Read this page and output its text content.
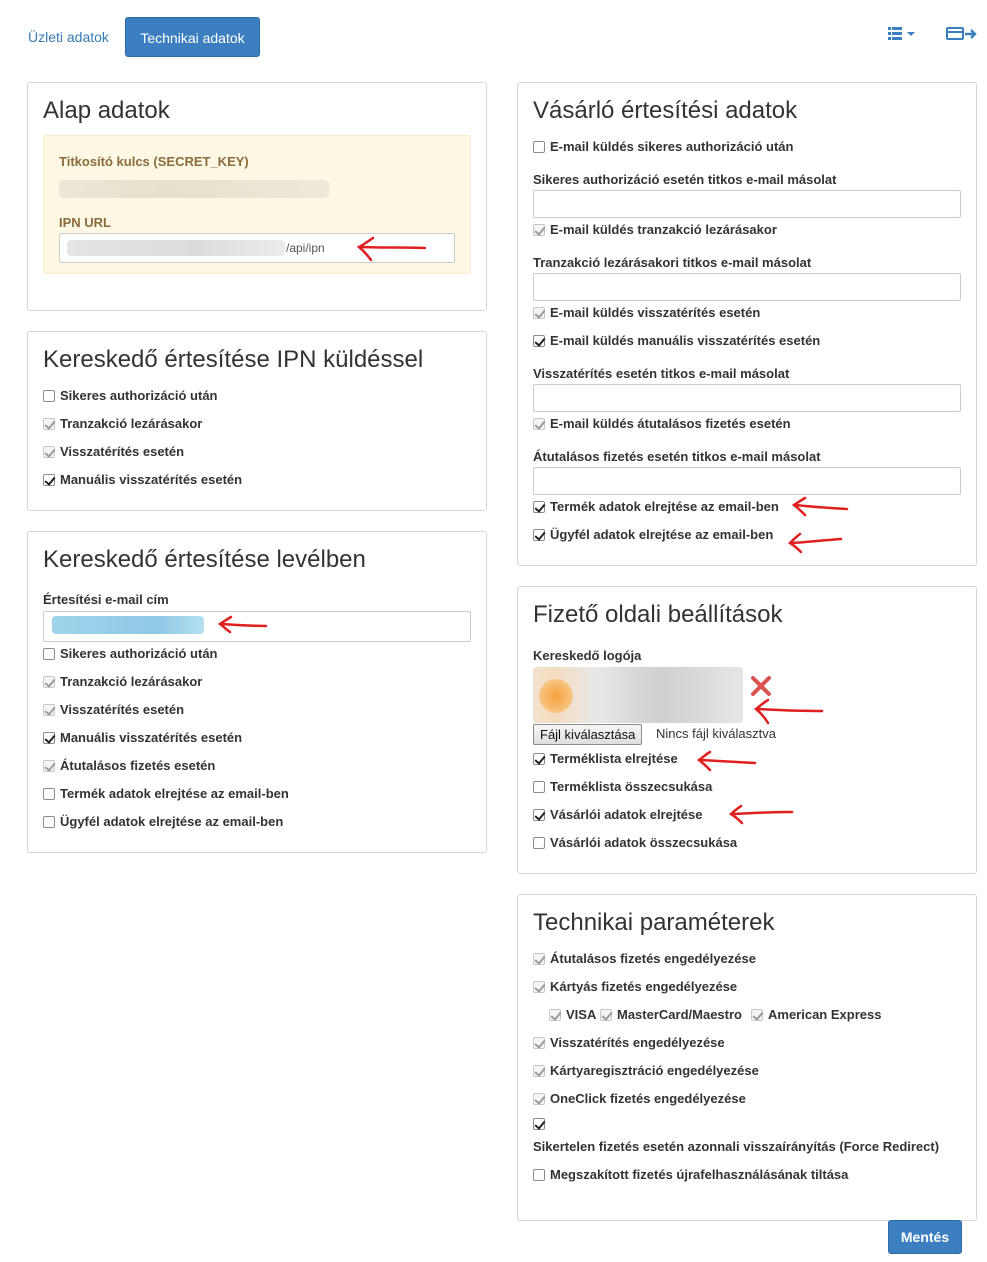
Üzleti adatok	Technikai adatok
Alap adatok
Titkosító kulcs (SECRET_KEY)
IPN URL
/api/ipn
Kereskedő értesítése IPN küldéssel
Sikeres authorizáció után
Tranzakció lezárásakor
Visszatérítés esetén
Manuális visszatérítés esetén
Kereskedő értesítése levélben
Értesítési e-mail cím
Sikeres authorizáció után
Tranzakció lezárásakor
Visszatérítés esetén
Manuális visszatérítés esetén
Átutalásos fizetés esetén
Termék adatok elrejtése az email-ben
Ügyfél adatok elrejtése az email-ben
Vásárló értesítési adatok
E-mail küldés sikeres authorizáció után
Sikeres authorizáció esetén titkos e-mail másolat
E-mail küldés tranzakció lezárásakor
Tranzakció lezárásakori titkos e-mail másolat
E-mail küldés visszatérítés esetén
E-mail küldés manuális visszatérítés esetén
Visszatérítés esetén titkos e-mail másolat
E-mail küldés átutalásos fizetés esetén
Átutalásos fizetés esetén titkos e-mail másolat
Termék adatok elrejtése az email-ben
Ügyfél adatok elrejtése az email-ben
Fizető oldali beállítások
Kereskedő logója
Fájl kiválasztása	Nincs fájl kiválasztva
Terméklista elrejtése
Terméklista összecsukása
Vásárlói adatok elrejtése
Vásárlói adatok összecsukása
Technikai paraméterek
Átutalásos fizetés engedélyezése
Kártyás fizetés engedélyezése
VISA MasterCard/Maestro American Express
Visszatérítés engedélyezése
Kártyaregisztráció engedélyezése
OneClick fizetés engedélyezése
Sikertelen fizetés esetén azonnali visszaírányítás (Force Redirect)
Megszakított fizetés újrafelhasználásának tiltása
Mentés
